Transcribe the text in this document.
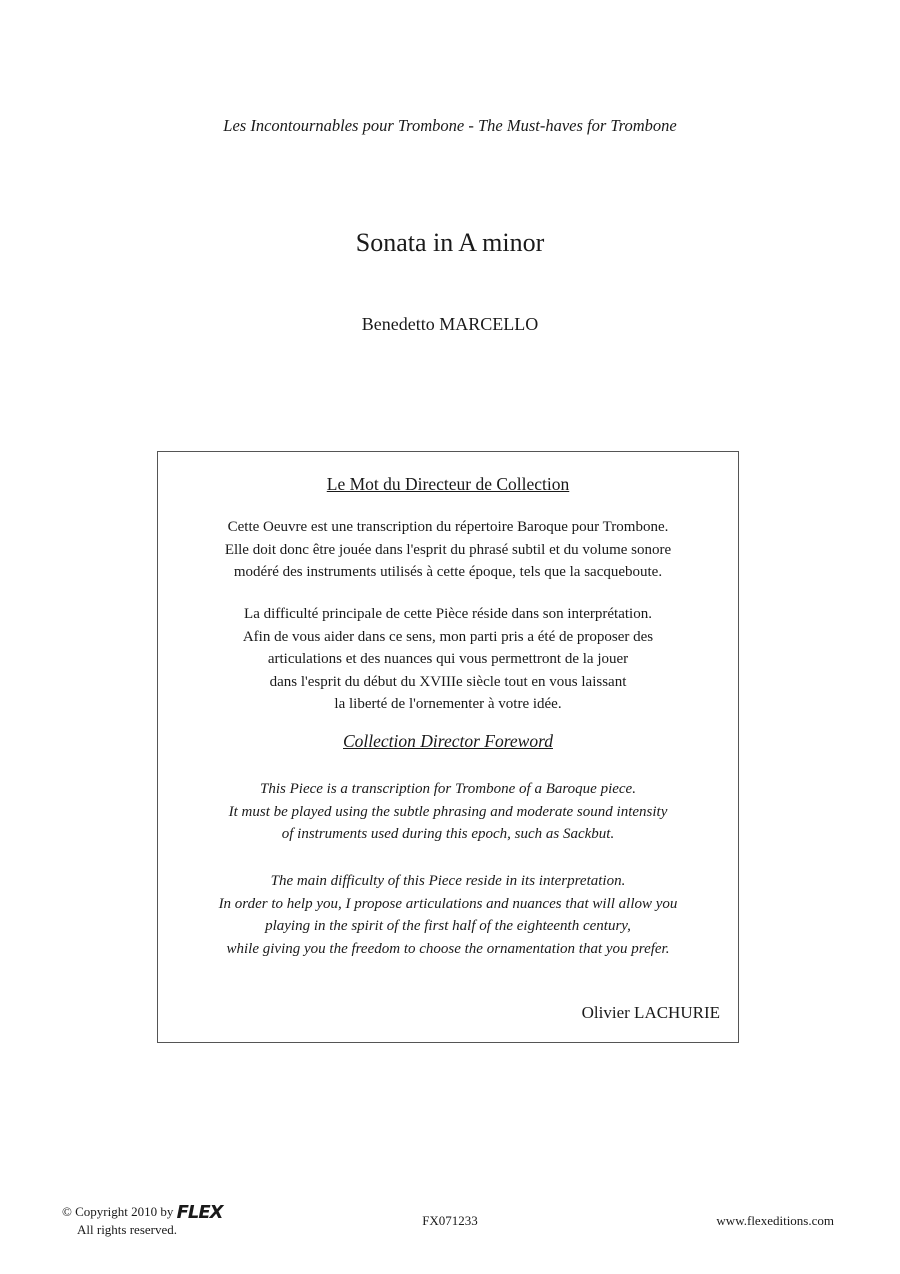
Les Incontournables pour Trombone - The Must-haves for Trombone
Sonata in A minor
Benedetto MARCELLO
Le Mot du Directeur de Collection
Cette Oeuvre est une transcription du répertoire Baroque pour Trombone.
Elle doit donc être jouée dans l'esprit du phrasé subtil et du volume sonore
modéré des instruments utilisés à cette époque, tels que la sacqueboute.
La difficulté principale de cette Pièce réside dans son interprétation.
Afin de vous aider dans ce sens, mon parti pris a été de proposer des
articulations et des nuances qui vous permettront de la jouer
dans l'esprit du début du XVIIIe siècle tout en vous laissant
la liberté de l'ornementer à votre idée.
Collection Director Foreword
This Piece is a transcription for Trombone of a Baroque piece.
It must be played using the subtle phrasing and moderate sound intensity
of instruments used during this epoch, such as Sackbut.
The main difficulty of this Piece reside in its interpretation.
In order to help you, I propose articulations and nuances that will allow you
playing in the spirit of the first half of the eighteenth century,
while giving you the freedom to choose the ornamentation that you prefer.
Olivier LACHURIE
© Copyright 2010 by FLEX
All rights reserved.
FX071233	www.flexeditions.com
